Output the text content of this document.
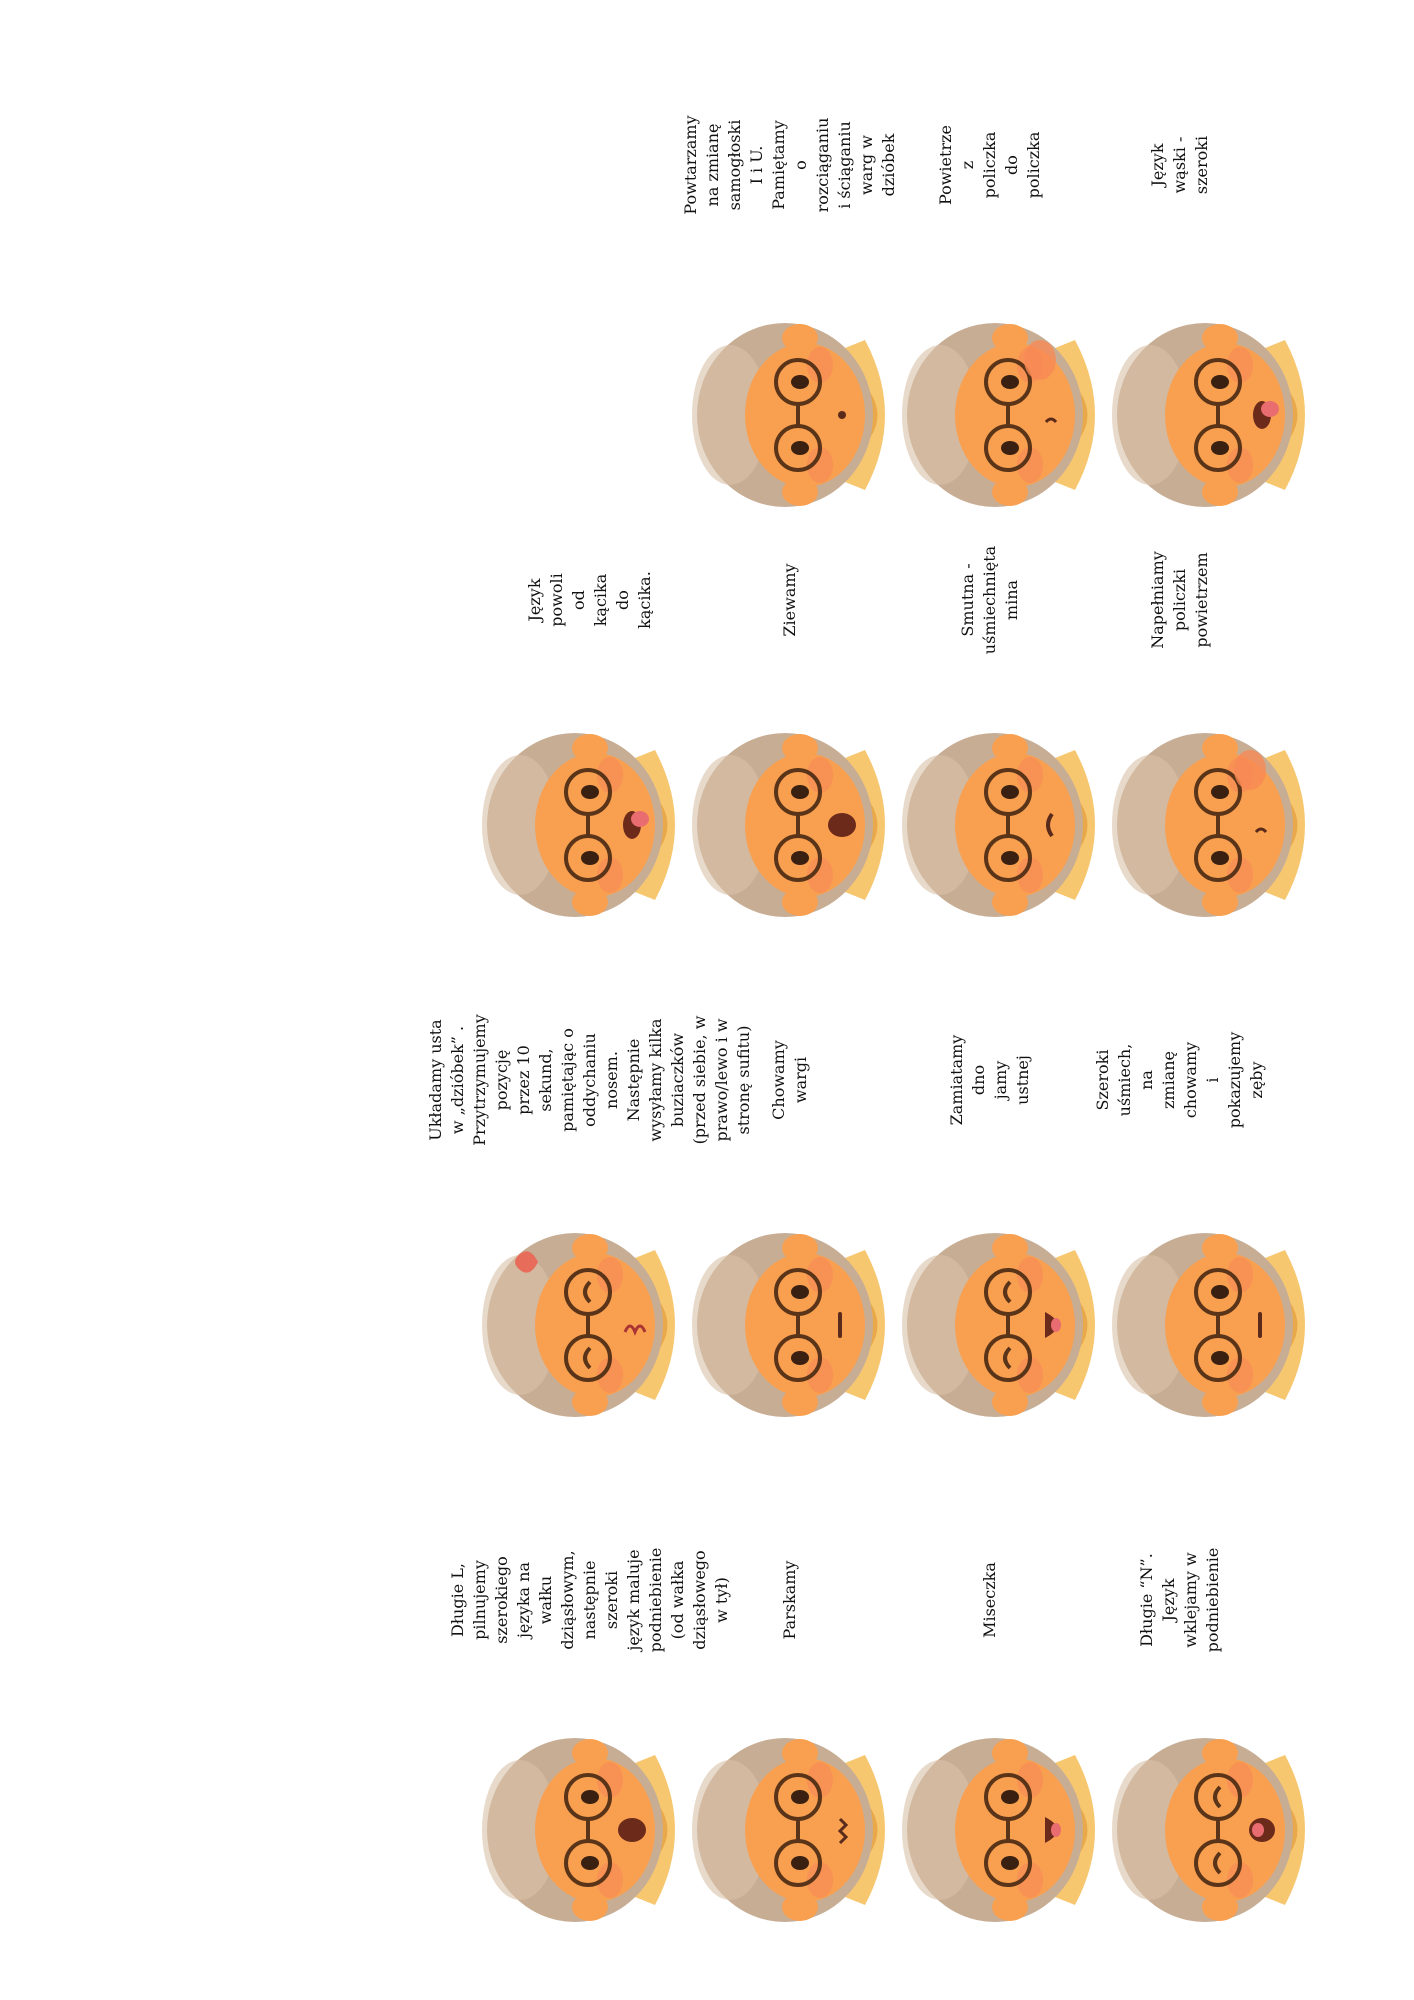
Długie L, pilnujemy szerokiego
języka na wałku dziąsłowym,
następnie szeroki język maluje
podniebienie (od wałka
dziąsłowego w tył)
Układamy usta w „dzióbek” .
Przytrzymujemy pozycję
przez 10 sekund, pamiętając o
oddychaniu
nosem.
Następnie wysyłamy kilka
buziaczków (przed siebie, w
prawo/lewo i w stronę sufitu)
Język powoli od
kącika do kącika.
Parskamy
Chowamy wargi
Ziewamy
Powtarzamy na zmianę
samogłoski I i U.
Pamiętamy o
rozciąganiu i ściąganiu
warg w dzióbek
Miseczka
Zamiatamy dno
jamy ustnej
Smutna - uśmiechnięta
mina
Powietrze z policzka do
policzka
Długie “N”. Język wklejamy w
podniebienie
Szeroki uśmiech, na
zmianę chowamy
i pokazujemy zęby
Napełniamy policzki
powietrzem
Język wąski - szeroki
